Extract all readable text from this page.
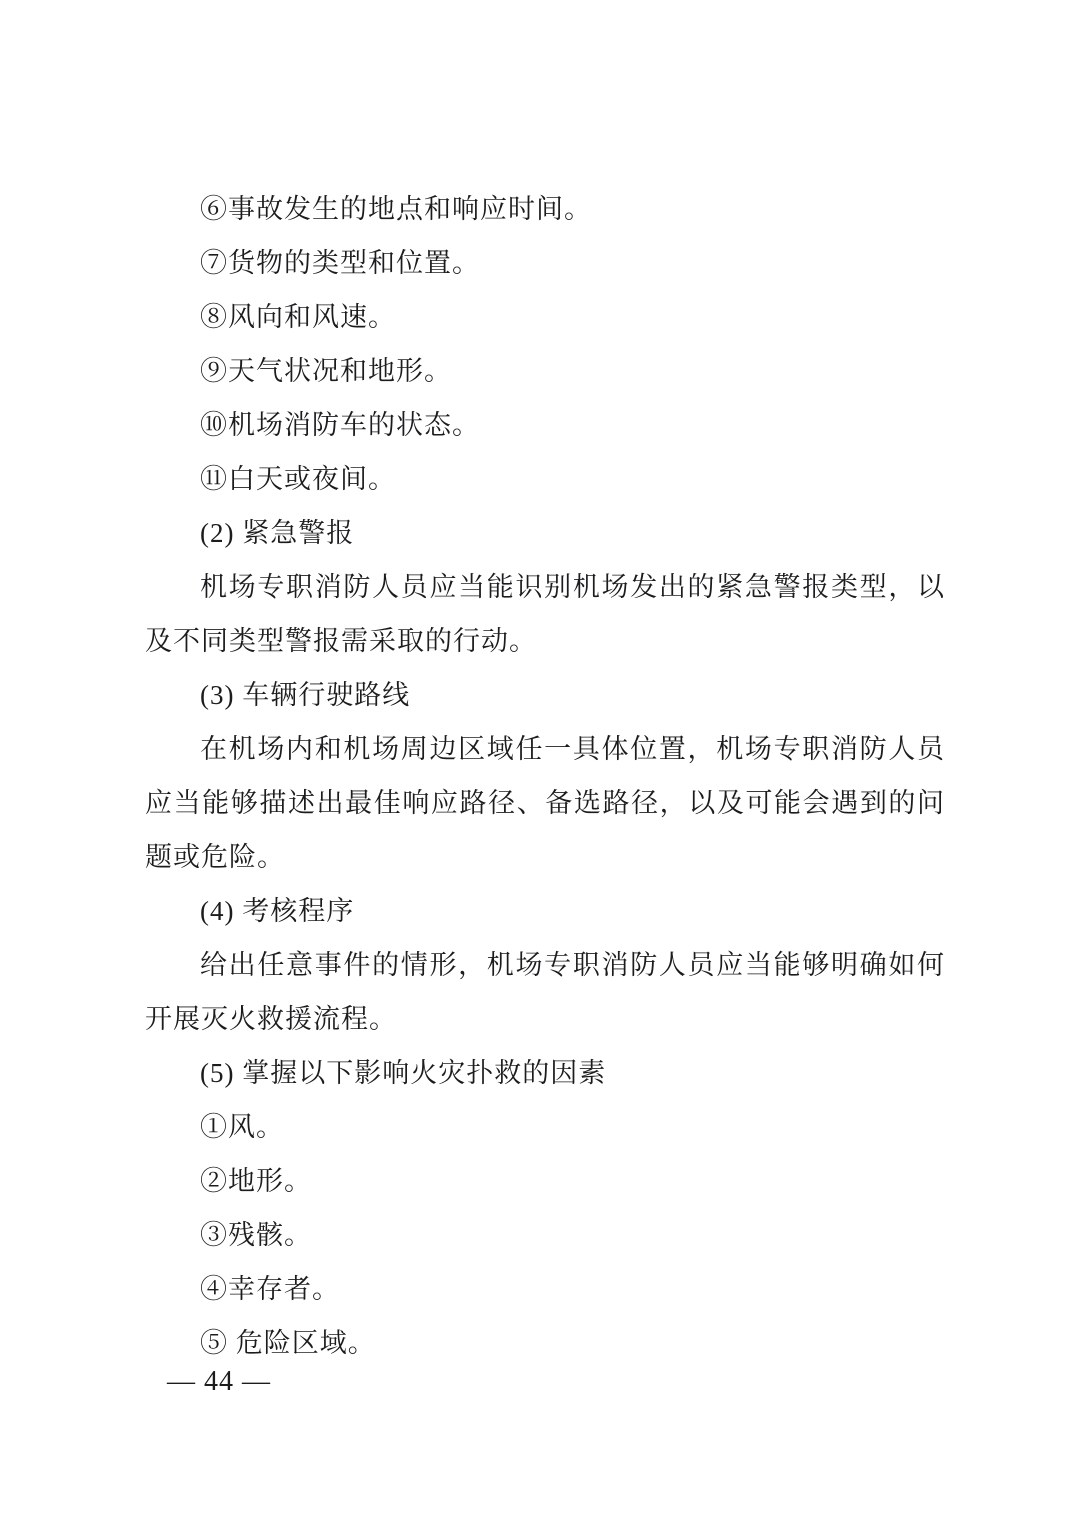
⑥事故发生的地点和响应时间。
⑦货物的类型和位置。
⑧风向和风速。
⑨天气状况和地形。
⑩机场消防车的状态。
⑪白天或夜间。
(2) 紧急警报
机场专职消防人员应当能识别机场发出的紧急警报类型，以
及不同类型警报需采取的行动。
(3) 车辆行驶路线
在机场内和机场周边区域任一具体位置，机场专职消防人员
应当能够描述出最佳响应路径、备选路径，以及可能会遇到的问
题或危险。
(4) 考核程序
给出任意事件的情形，机场专职消防人员应当能够明确如何
开展灭火救援流程。
(5) 掌握以下影响火灾扑救的因素
①风。
②地形。
③残骸。
④幸存者。
⑤ 危险区域。
— 44 —
